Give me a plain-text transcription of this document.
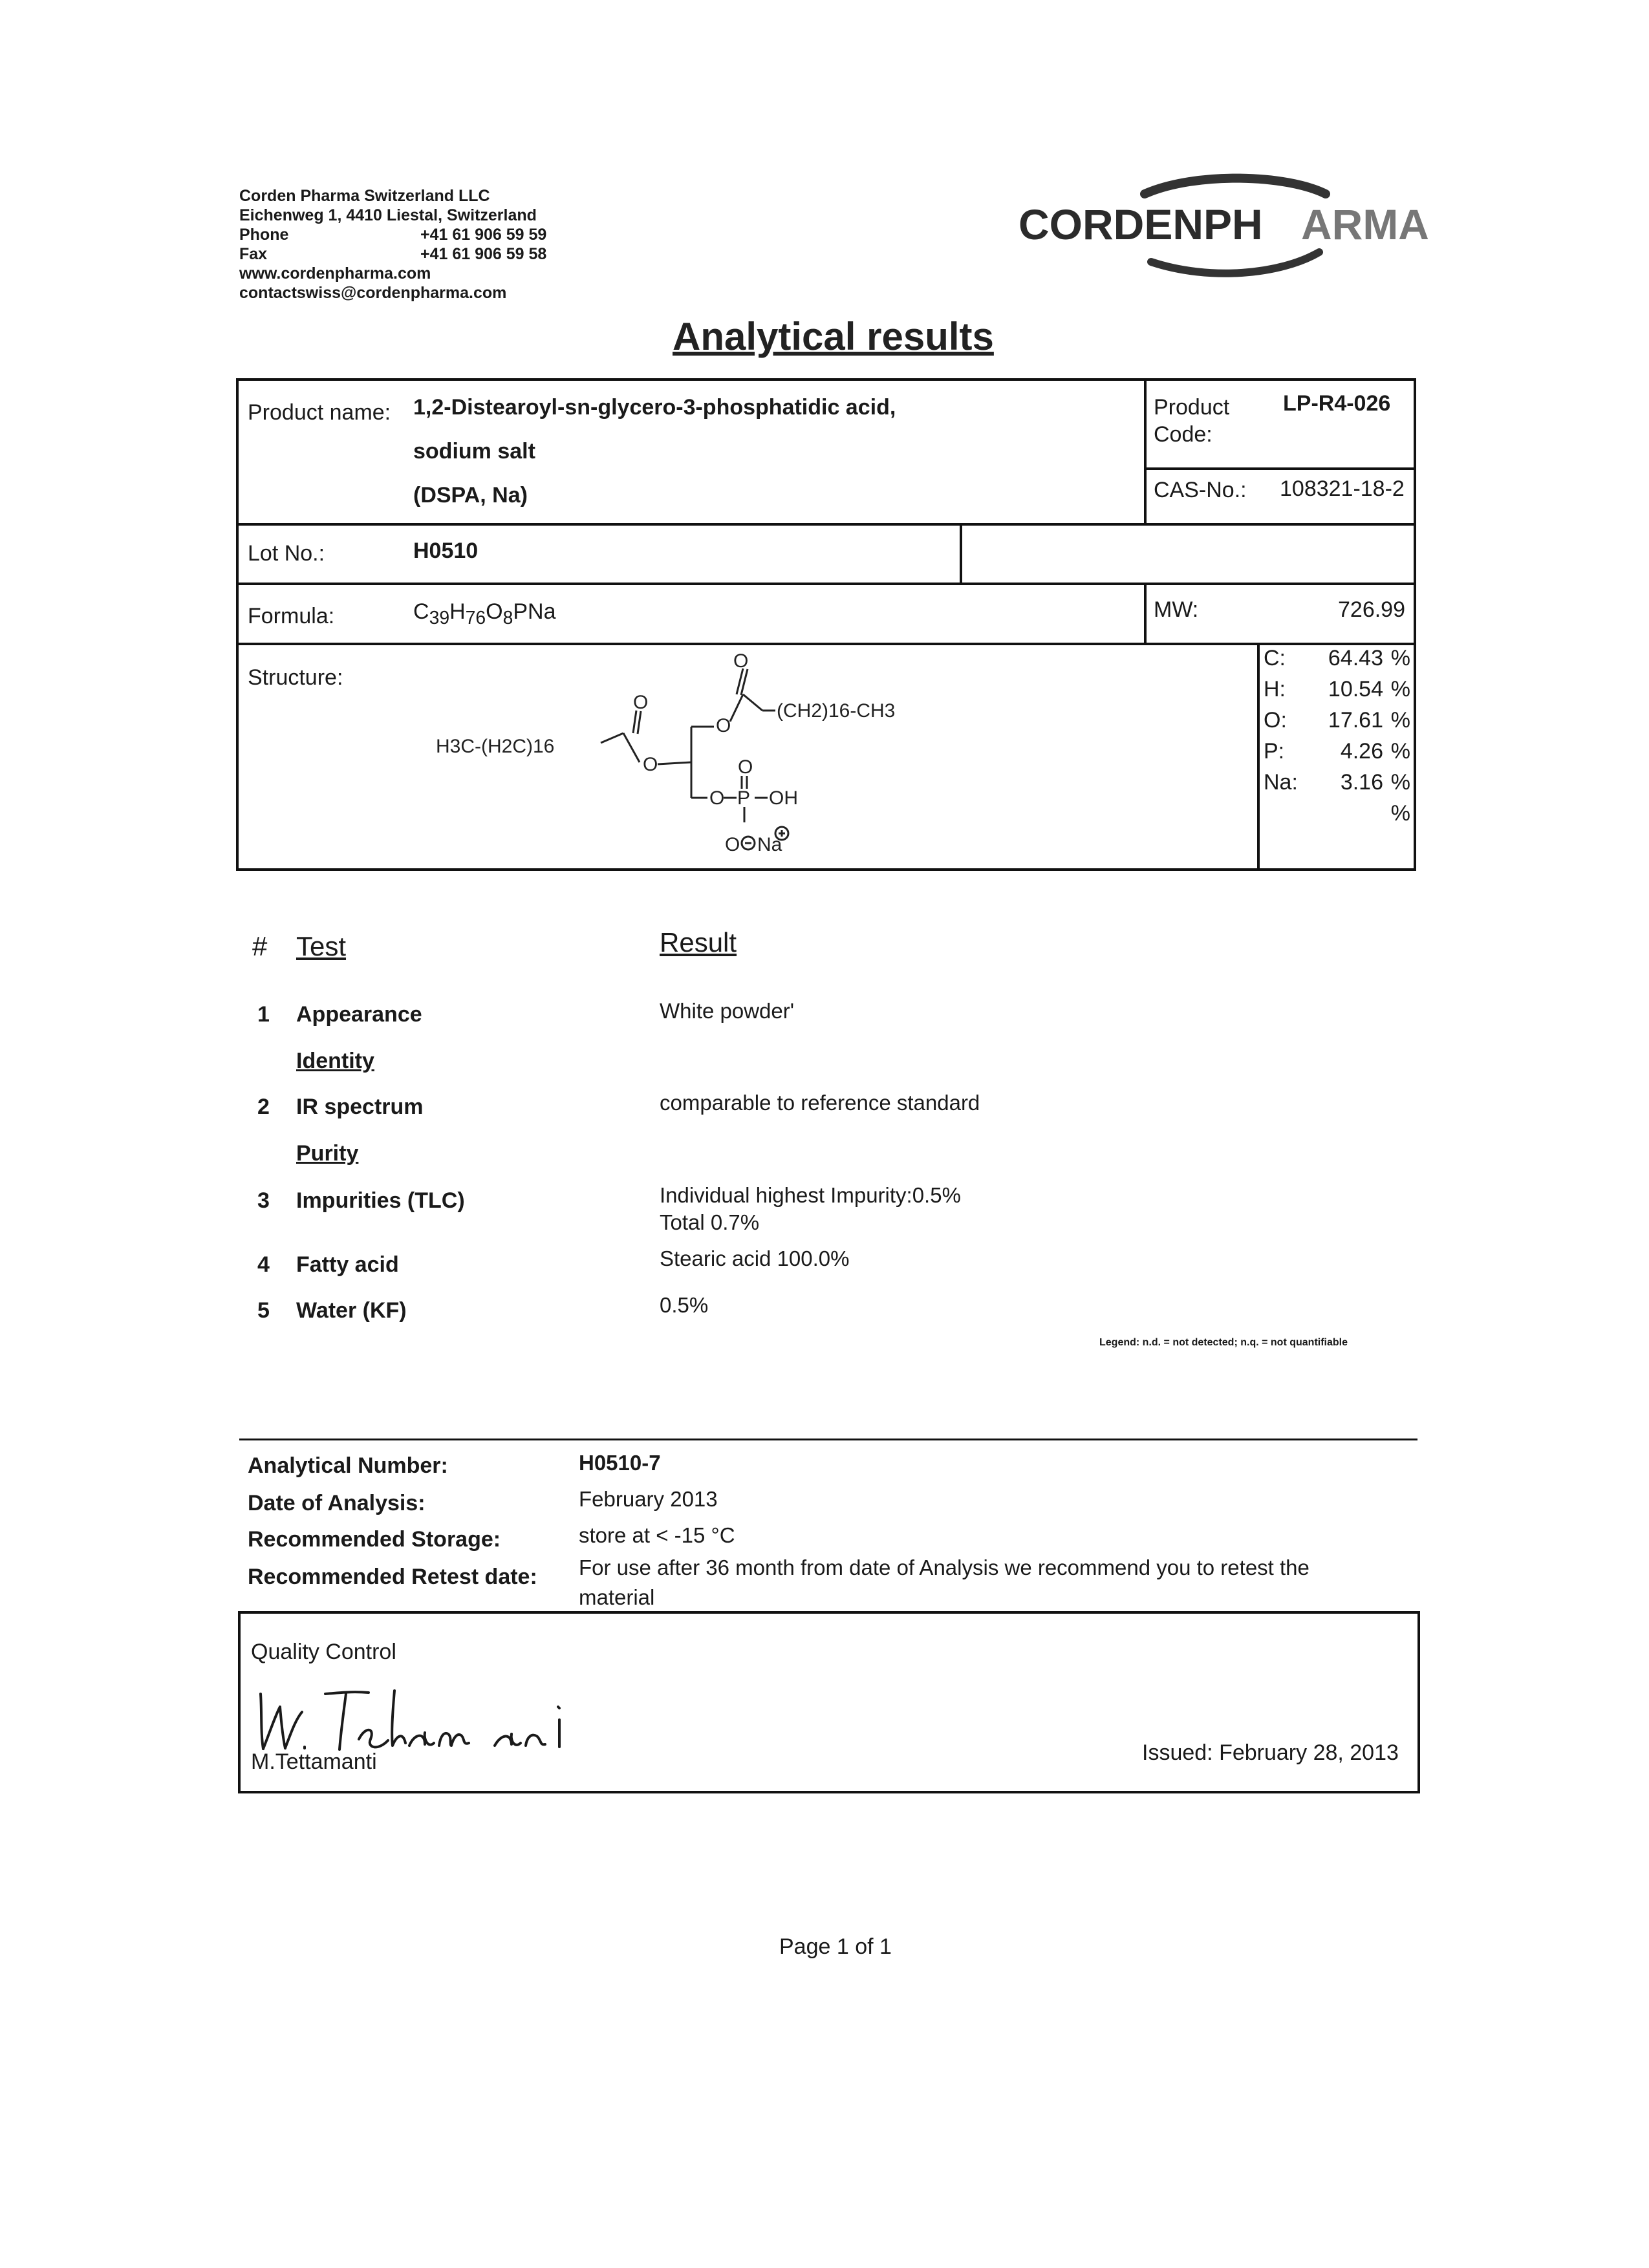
Corden Pharma Switzerland LLC
Eichenweg 1, 4410 Liestal, Switzerland
Phone	+41 61 906 59 59
Fax	+41 61 906 59 58
www.cordenpharma.com
contactswiss@cordenpharma.com
CORDENPH ARMA
Analytical results
Product name: 1,2-Distearoyl-sn-glycero-3-phosphatidic acid,
sodium salt
(DSPA, Na)
Product Code:
LP-R4-026
CAS-No.: 108321-18-2
Lot No.:	H0510
Formula:	$C_{39}H_{76}O_8PNa$	MW:	726.99
Structure:
O
(CH2)16-CH3
O
O
H3C-(H2C)16
O
O P OH
O
O Na
C:	64.43 %
H:	10.54 %
O:	17.61 %
P:	4.26 %
Na:	3.16 %
%
# Test	Result
1 Appearance	White powder'
Identity
2 IR spectrum	comparable to reference standard
Purity
3 Impurities (TLC)	Individual highest Impurity:0.5%
Total 0.7%
4 Fatty acid	Stearic acid 100.0%
5 Water (KF)	0.5%
Legend: n.d. = not detected; n.q. = not quantifiable
Analytical Number:	H0510-7
Date of Analysis:	February 2013
Recommended Storage:	store at < -15 °C
Recommended Retest date: For use after 36 month from date of Analysis we recommend you to retest the
material
Quality Control
M.Tettamanti	Issued: February 28, 2013
Page 1 of 1
